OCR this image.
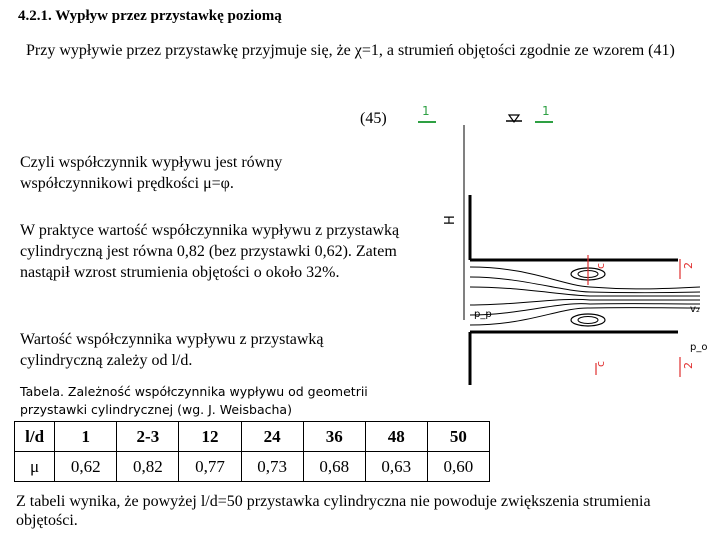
4.2.1. Wypływ przez przystawkę poziomą
Przy wypływie przez przystawkę przyjmuje się, że χ=1, a strumień objętości zgodnie ze wzorem (41)
(45)
Czyli współczynnik wypływu jest równy współczynnikowi prędkości μ=φ.
W praktyce wartość współczynnika wypływu z przystawką cylindryczną jest równa 0,82 (bez przystawki 0,62). Zatem nastąpił wzrost strumienia objętości o około 32%.
Wartość współczynnika wypływu z przystawką cylindryczną zależy od l/d.
Tabela. Zależność współczynnika wypływu od geometrii przystawki cylindrycznej (wg. J. Weisbacha)
l/d	1	2-3	12	24	36	48	50
μ	0,62	0,82	0,77	0,73	0,68	0,63	0,60
Z tabeli wynika, że powyżej l/d=50 przystawka cylindryczna nie powoduje zwiększenia strumienia objętości.
1	1
H
c
c
2
2
p_p	v₂
p_o
